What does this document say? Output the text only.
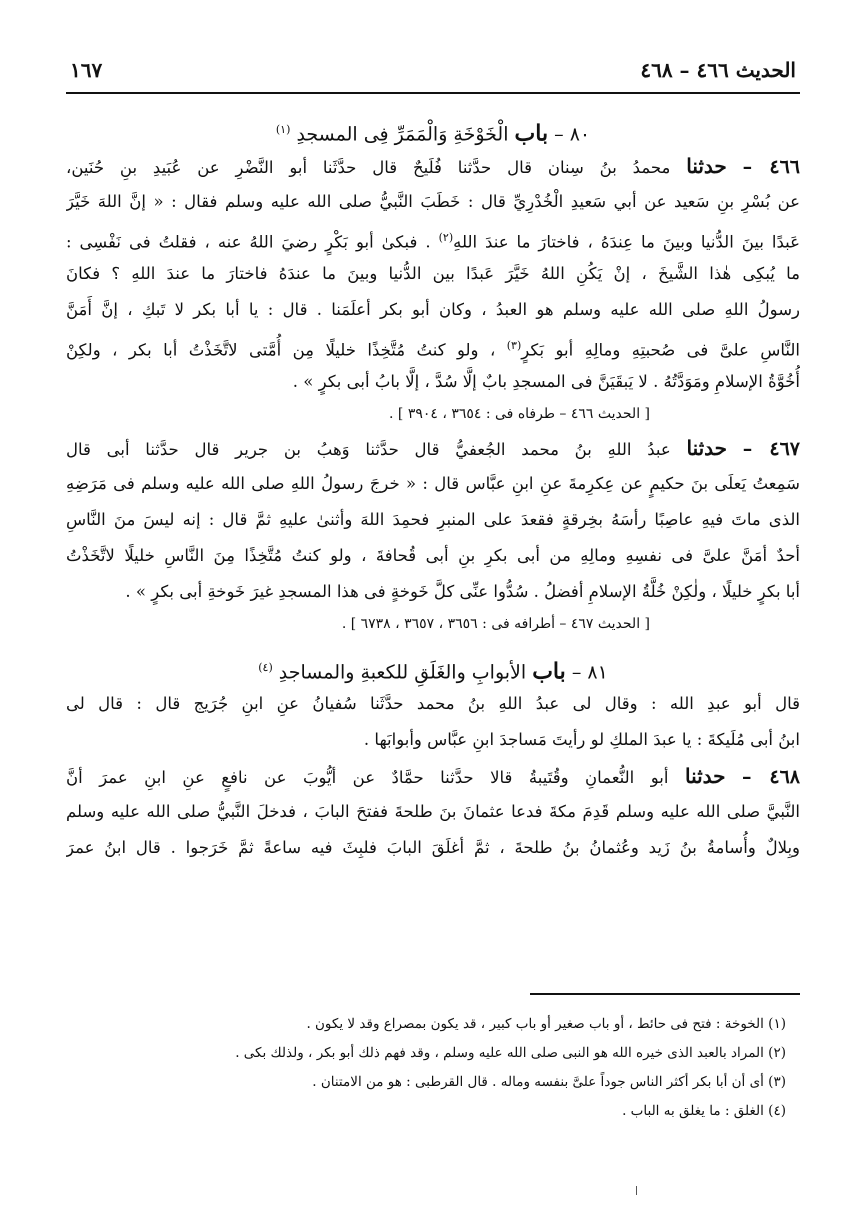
الحديث ٤٦٦ – ٤٦٨
١٦٧
٨٠ – باب الْخَوْخَةِ وَالْمَمَرِّ فِى المسجدِ $^{(١)}$
٤٦٦ – حدثنا محمدُ بنُ سِنان قال حدَّثنا فُلَيحٌ قال حدَّثَنا أبو النَّضْرِ عن عُبَيدِ بنِ حُنَين،
عن بُسْرِ بنِ سَعيد عن أبي سَعيدِ الْخُدْرِيِّ قال : خَطَبَ النَّبيُّ صلى الله عليه وسلم فقال : « إنَّ اللهَ خَيَّرَ
عَبدًا بينَ الدُّنيا وبينَ ما عِندَهُ ، فاختارَ ما عندَ اللهِ$^{(٢)}$ . فبكىٰ أبو بَكْرٍ رضيَ اللهُ عنه ، فقلتُ فى نَفْسِى :
ما يُبكِى هٰذا الشَّيخَ ، إنْ يَكُنِ اللهُ خَيَّرَ عَبدًا بين الدُّنيا وبينَ ما عندَهُ فاختارَ ما عندَ اللهِ ؟ فكانَ
رسولُ اللهِ صلى الله عليه وسلم هو العبدُ ، وكان أبو بكر أعلَمَنا . قال : يا أبا بكر لا تَبكِ ، إنَّ أَمَنَّ
النَّاسِ علىَّ فى صُحبتِهِ ومالِهِ أبو بَكرٍ$^{(٣)}$ ، ولو كنتُ مُتَّخِذًا خليلًا مِن أُمَّتى لاتَّخَذْتُ أبا بكر ، ولكِنْ
أُخُوَّةُ الإسلامِ ومَوَدَّتُهُ . لا يَبقَيَنَّ فى المسجدِ بابٌ إلَّا سُدَّ ، إلَّا بابُ أبى بكرٍ » .
[ الحديث ٤٦٦ – طرفاه فى : ٣٦٥٤ ، ٣٩٠٤ ] .
٤٦٧ – حدثنا عبدُ اللهِ بنُ محمد الجُعفيُّ قال حدَّثنا وَهبُ بن جرير قال حدَّثنا أبى قال
سَمِعتُ يَعلَى بنَ حكيمٍ عن عِكرِمةَ عنِ ابنِ عبَّاس قال : « خرجَ رسولُ اللهِ صلى الله عليه وسلم فى مَرَضِهِ
الذى ماتَ فيهِ عاصِبًا رأسَهُ بخِرقةٍ فقعدَ على المنبرِ فحمِدَ اللهَ وأثنىٰ عليهِ ثمَّ قال : إنه ليسَ منَ النَّاسِ
أحدٌ أمَنَّ علىَّ فى نفسِهِ ومالِهِ من أبى بكرِ بنِ أبى قُحافةَ ، ولو كنتُ مُتَّخِذًا مِنَ النَّاسِ خليلًا لاتَّخَذْتُ
أبا بكرٍ خليلًا ، ولٰكِنْ خُلَّةُ الإسلامِ أفضلُ . سُدُّوا عنِّى كلَّ خَوخةٍ فى هذا المسجدِ غيرَ خَوخةِ أبى بكرٍ » .
[ الحديث ٤٦٧ – أطرافه فى : ٣٦٥٦ ، ٣٦٥٧ ، ٦٧٣٨ ] .
٨١ – باب الأبوابِ والغَلَقِ للكعبةِ والمساجدِ $^{(٤)}$
قال أبو عبدِ الله : وقال لى عبدُ اللهِ بنُ محمد حدَّثَنا سُفيانُ عنِ ابنِ جُرَيج قال : قال لى
ابنُ أبى مُلَيكةَ : يا عبدَ الملكِ لو رأيتَ مَساجدَ ابنِ عبَّاس وأبوابَها .
٤٦٨ – حدثنا أبو النُّعمانِ وقُتَيبةُ قالا حدَّثنا حمَّادٌ عن أيُّوبَ عن نافعٍ عنِ ابنِ عمرَ أنَّ
النَّبيَّ صلى الله عليه وسلم قَدِمَ مكةَ فدعا عثمانَ بنَ طلحةَ ففتحَ البابَ ، فدخلَ النَّبيُّ صلى الله عليه وسلم
وبِلالٌ وأُسامةُ بنُ زَيد وعُثمانُ بنُ طلحةَ ، ثمَّ أغلَقَ البابَ فلبِثَ فيه ساعةً ثمَّ خَرَجوا . قال ابنُ عمرَ
(١) الخوخة : فتح فى حائط ، أو باب صغير أو باب كبير ، قد يكون بمصراع وقد لا يكون .
(٢) المراد بالعبد الذى خيره الله هو النبى صلى الله عليه وسلم ، وقد فهم ذلك أبو بكر ، ولذلك بكى .
(٣) أى أن أبا بكر أكثر الناس جوداً علىَّ بنفسه وماله . قال القرطبى : هو من الامتنان .
(٤) الغلق : ما يغلق به الباب .
